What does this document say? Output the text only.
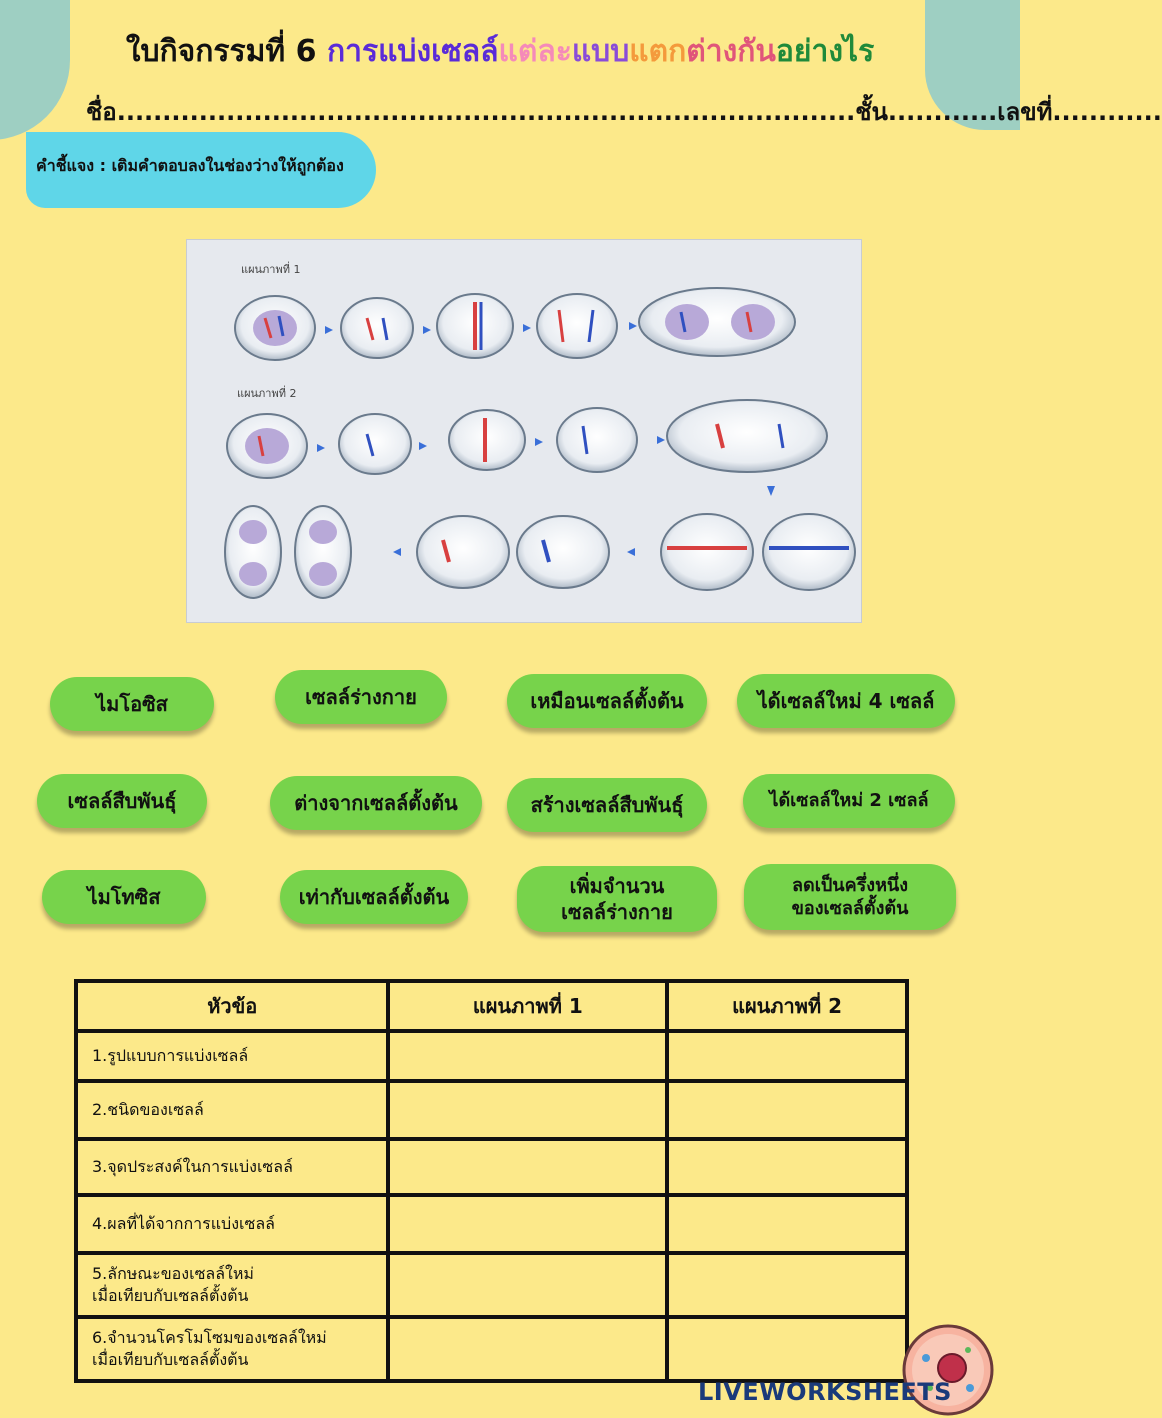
ใบกิจกรรมที่ 6 การแบ่งเซลล์แต่ละแบบแตกต่างกันอย่างไร
ชื่อ.................................................................................ชั้น............เลขที่............
คำชี้แจง : เติมคำตอบลงในช่องว่างให้ถูกต้อง
แผนภาพที่ 1
แผนภาพที่ 2
ไมโอซิส	เซลล์ร่างกาย	เหมือนเซลล์ตั้งต้น	ได้เซลล์ใหม่ 4 เซลล์
เซลล์สืบพันธุ์	ต่างจากเซลล์ตั้งต้น	สร้างเซลล์สืบพันธุ์	ได้เซลล์ใหม่ 2 เซลล์
ไมโทซิส	เท่ากับเซลล์ตั้งต้น	เพิ่มจำนวน
เซลล์ร่างกาย
ลดเป็นครึ่งหนึ่ง
ของเซลล์ตั้งต้น
หัวข้อ	แผนภาพที่ 1	แผนภาพที่ 2
1.รูปแบบการแบ่งเซลล์		
2.ชนิดของเซลล์		
3.จุดประสงค์ในการแบ่งเซลล์		
4.ผลที่ได้จากการแบ่งเซลล์		
5.ลักษณะของเซลล์ใหม่
เมื่อเทียบกับเซลล์ตั้งต้น		
6.จำนวนโครโมโซมของเซลล์ใหม่
เมื่อเทียบกับเซลล์ตั้งต้น		
LIVEWORKSHEETS
